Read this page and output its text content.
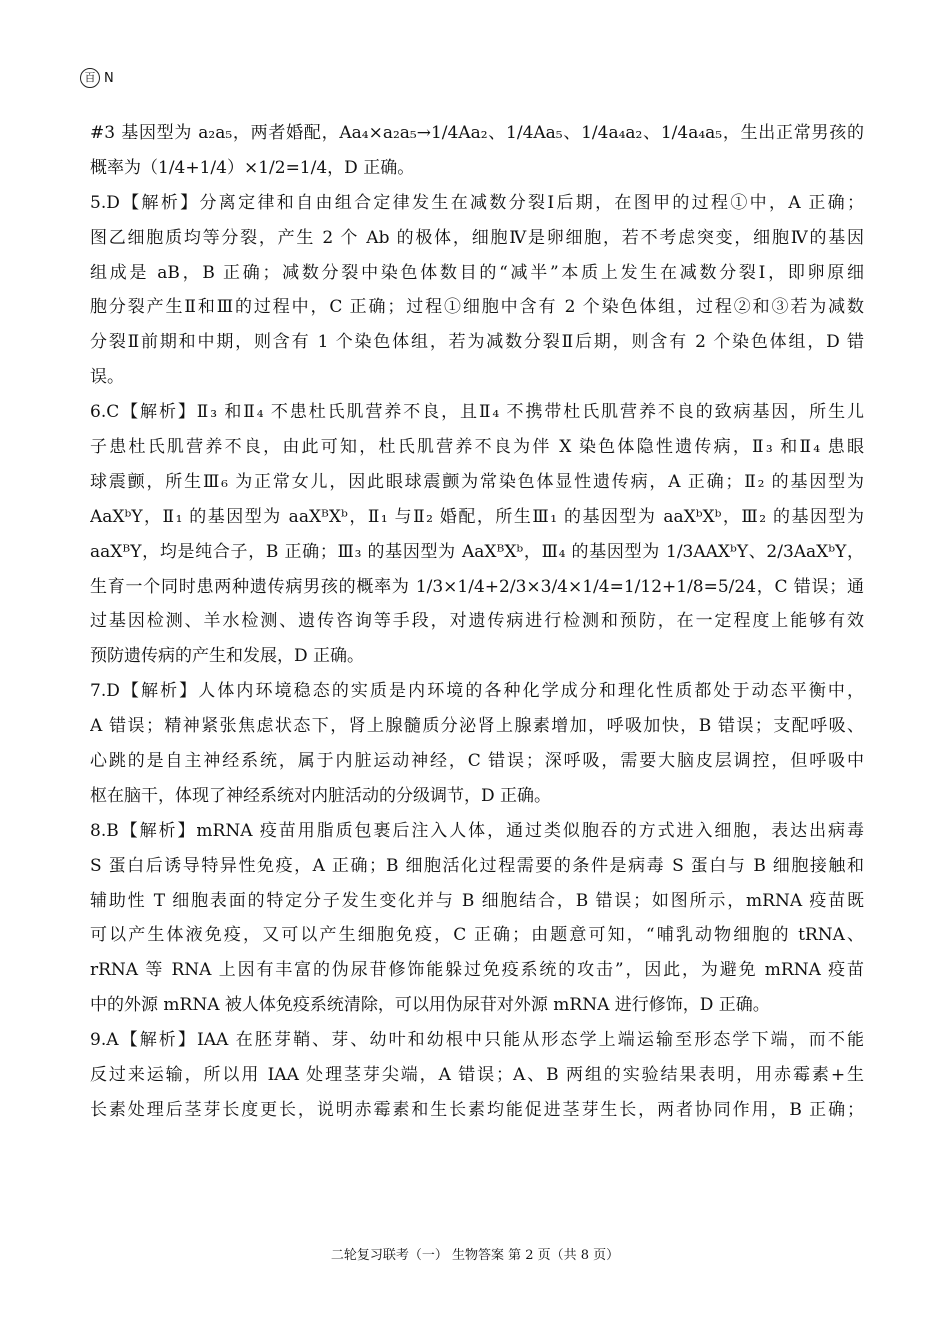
百 N
#3 基因型为 a₂a₅，两者婚配，Aa₄×a₂a₅→1/4Aa₂、1/4Aa₅、1/4a₄a₂、1/4a₄a₅，生出正常男孩的
概率为（1/4+1/4）×1/2=1/4，D 正确。
5.D【解析】分离定律和自由组合定律发生在减数分裂Ⅰ后期，在图甲的过程①中，A 正确；
图乙细胞质均等分裂，产生 2 个 Ab 的极体，细胞Ⅳ是卵细胞，若不考虑突变，细胞Ⅳ的基因
组成是 aB，B 正确；减数分裂中染色体数目的“减半”本质上发生在减数分裂Ⅰ，即卵原细
胞分裂产生Ⅱ和Ⅲ的过程中，C 正确；过程①细胞中含有 2 个染色体组，过程②和③若为减数
分裂Ⅱ前期和中期，则含有 1 个染色体组，若为减数分裂Ⅱ后期，则含有 2 个染色体组，D 错
误。
6.C【解析】Ⅱ₃ 和Ⅱ₄ 不患杜氏肌营养不良，且Ⅱ₄ 不携带杜氏肌营养不良的致病基因，所生儿
子患杜氏肌营养不良，由此可知，杜氏肌营养不良为伴 X 染色体隐性遗传病，Ⅱ₃ 和Ⅱ₄ 患眼
球震颤，所生Ⅲ₆ 为正常女儿，因此眼球震颤为常染色体显性遗传病，A 正确；Ⅱ₂ 的基因型为
AaXᵇY，Ⅱ₁ 的基因型为 aaXᴮXᵇ，Ⅱ₁ 与Ⅱ₂ 婚配，所生Ⅲ₁ 的基因型为 aaXᵇXᵇ，Ⅲ₂ 的基因型为
aaXᴮY，均是纯合子，B 正确；Ⅲ₃ 的基因型为 AaXᴮXᵇ，Ⅲ₄ 的基因型为 1/3AAXᵇY、2/3AaXᵇY，
生育一个同时患两种遗传病男孩的概率为 1/3×1/4+2/3×3/4×1/4=1/12+1/8=5/24，C 错误；通
过基因检测、羊水检测、遗传咨询等手段，对遗传病进行检测和预防，在一定程度上能够有效
预防遗传病的产生和发展，D 正确。
7.D【解析】人体内环境稳态的实质是内环境的各种化学成分和理化性质都处于动态平衡中，
A 错误；精神紧张焦虑状态下，肾上腺髓质分泌肾上腺素增加，呼吸加快，B 错误；支配呼吸、
心跳的是自主神经系统，属于内脏运动神经，C 错误；深呼吸，需要大脑皮层调控，但呼吸中
枢在脑干，体现了神经系统对内脏活动的分级调节，D 正确。
8.B【解析】mRNA 疫苗用脂质包裹后注入人体，通过类似胞吞的方式进入细胞，表达出病毒
S 蛋白后诱导特异性免疫，A 正确；B 细胞活化过程需要的条件是病毒 S 蛋白与 B 细胞接触和
辅助性 T 细胞表面的特定分子发生变化并与 B 细胞结合，B 错误；如图所示，mRNA 疫苗既
可以产生体液免疫，又可以产生细胞免疫，C 正确；由题意可知，“哺乳动物细胞的 tRNA、
rRNA 等 RNA 上因有丰富的伪尿苷修饰能躲过免疫系统的攻击”，因此，为避免 mRNA 疫苗
中的外源 mRNA 被人体免疫系统清除，可以用伪尿苷对外源 mRNA 进行修饰，D 正确。
9.A【解析】IAA 在胚芽鞘、芽、幼叶和幼根中只能从形态学上端运输至形态学下端，而不能
反过来运输，所以用 IAA 处理茎芽尖端，A 错误；A、B 两组的实验结果表明，用赤霉素+生
长素处理后茎芽长度更长，说明赤霉素和生长素均能促进茎芽生长，两者协同作用，B 正确；
二轮复习联考（一） 生物答案 第 2 页（共 8 页）
